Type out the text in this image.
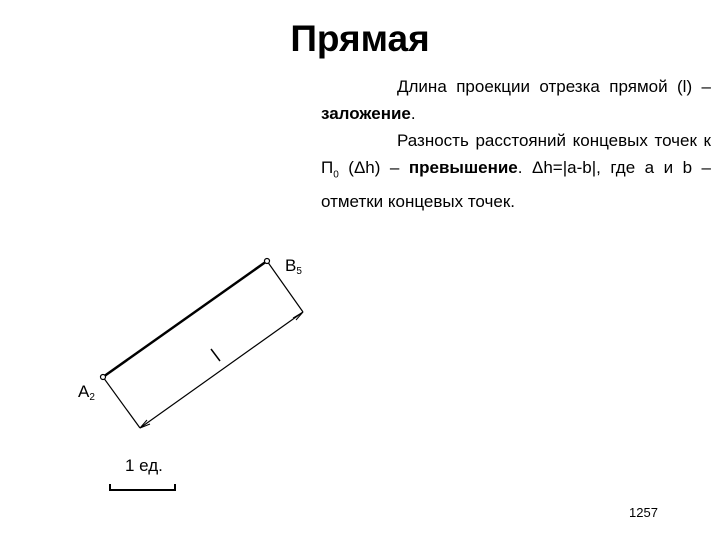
Прямая

Длина проекции отрезка прямой (l) – заложение.

Разность расстояний концевых точек к $П_0$ (Δh) – превышение. Δh=|a-b|, где a и b – отметки концевых точек.

$B_5$
$A_2$
1 ед.
1257
